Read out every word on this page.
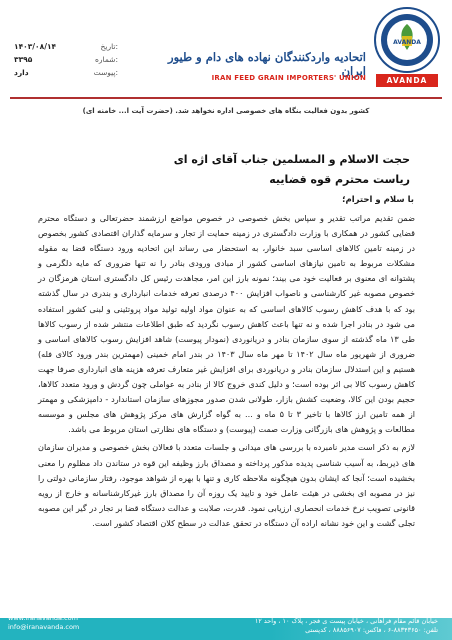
۱۴۰۳/۰۸/۱۴	تاریخ:
۳۳۹۵	شماره:
دارد	پیوست:
AVANDA
AVANDA
اتحادیه واردکنندگان نهاده های دام و طیور ایران
IRAN FEED GRAIN IMPORTERS' UNION
کشور بدون فعالیت بنگاه های خصوصی اداره نخواهد شد. (حضرت آیت ا... خامنه ای)
حجت الاسلام و المسلمین جناب آقای اژه ای
ریاست محترم قوه قضاییه
با سلام و احترام؛

ضمن تقدیم مراتب تقدیر و سپاس بخش خصوصی در خصوص مواضع ارزشمند حضرتعالی و دستگاه محترم قضایی کشور در همکاری با وزارت دادگستری در زمینه حمایت از تجار و سرمایه گذاران اقتصادی کشور بخصوص در زمینه تامین کالاهای اساسی سبد خانوار، به استحضار می رساند این اتحادیه ورود دستگاه قضا به مقوله مشکلات مربوط به تامین نیازهای اساسی کشور از مبادی ورودی بنادر را نه تنها ضروری که مایه دلگرمی و پشتوانه ای معنوی بر فعالیت خود می بیند؛ نمونه بارز این امر، مجاهدت رئیس کل دادگستری استان هرمزگان در خصوص مصوبه غیر کارشناسی و ناصواب افزایش ۴۰۰ درصدی تعرفه خدمات انبارداری و بندری در سال گذشته بود که با هدف کاهش رسوب کالاهای اساسی که به عنوان مواد اولیه تولید مواد پروتئینی و لبنی کشور استفاده می شود در بنادر اجرا شده و نه تنها باعث کاهش رسوب نگردید که طبق اطلاعات منتشر شده از رسوب کالاها طی ۱۳ ماه گذشته از سوی سازمان بنادر و دریانوردی (نمودار پیوست) شاهد افزایش رسوب کالاهای اساسی و ضروری از شهریور ماه سال ۱۴۰۲ تا مهر ماه سال ۱۴۰۳ در بندر امام خمینی (مهمترین بندر ورود کالای فله) هستیم و این استدلال سازمان بنادر و دریانوردی برای افزایش غیر متعارف تعرفه هزینه های انبارداری صرفا جهت کاهش رسوب کالا بی اثر بوده است؛ و دلیل کندی خروج کالا از بنادر به عواملی چون گردش و ورود متعدد کالاها، حجیم بودن این کالا، وضعیت کشش بازار، طولانی شدن صدور مجوزهای سازمان استاندارد - دامپزشکی و مهمتر از همه تامین ارز کالاها با تاخیر ۳ تا ۵ ماه و ... به گواه گزارش های مرکز پژوهش های مجلس و موسسه مطالعات و پژوهش های بازرگانی وزارت صمت (پیوست) و دستگاه های نظارتی استان مربوط می باشد.

لازم به ذکر است مدیر نامبرده با بررسی های میدانی و جلسات متعدد با فعالان بخش خصوصی و مدیران سازمان های ذیربط، به آسیب شناسی پدیده مذکور پرداخته و مصداق بارز وظیفه این قوه در ستاندن داد مظلوم را معنی بخشیده است؛ آنجا که ایشان بدون هیچگونه ملاحظه کاری و تنها با بهره از شواهد موجود، رفتار سازمانی دولتی را نیز در مصوبه ای بخشی در هیئت عامل خود و تایید یک روزه آن را مصداق بارز غیرکارشناسانه و خارج از رویه قانونی تصویب نرخ خدمات انحصاری ارزیابی نمود. قدرت، صلابت و عدالت دستگاه قضا بر تجار در گیر این مصوبه تجلی گشت و این خود نشانه اراده آن دستگاه در تحقق عدالت در سطح کلان اقتصاد کشور است.

www.iranavanda.com
info@iranavanda.com
خیابان قائم مقام فراهانی ، خیابان پیست ی فجر ، پلاک ۱۰ ، واحد ۱۲
تلفن: ۸۸۳۴۳۶۵۰-۶ ، فاکس: ۸۸۸۵۶۹۰۷ ، کدپستی
